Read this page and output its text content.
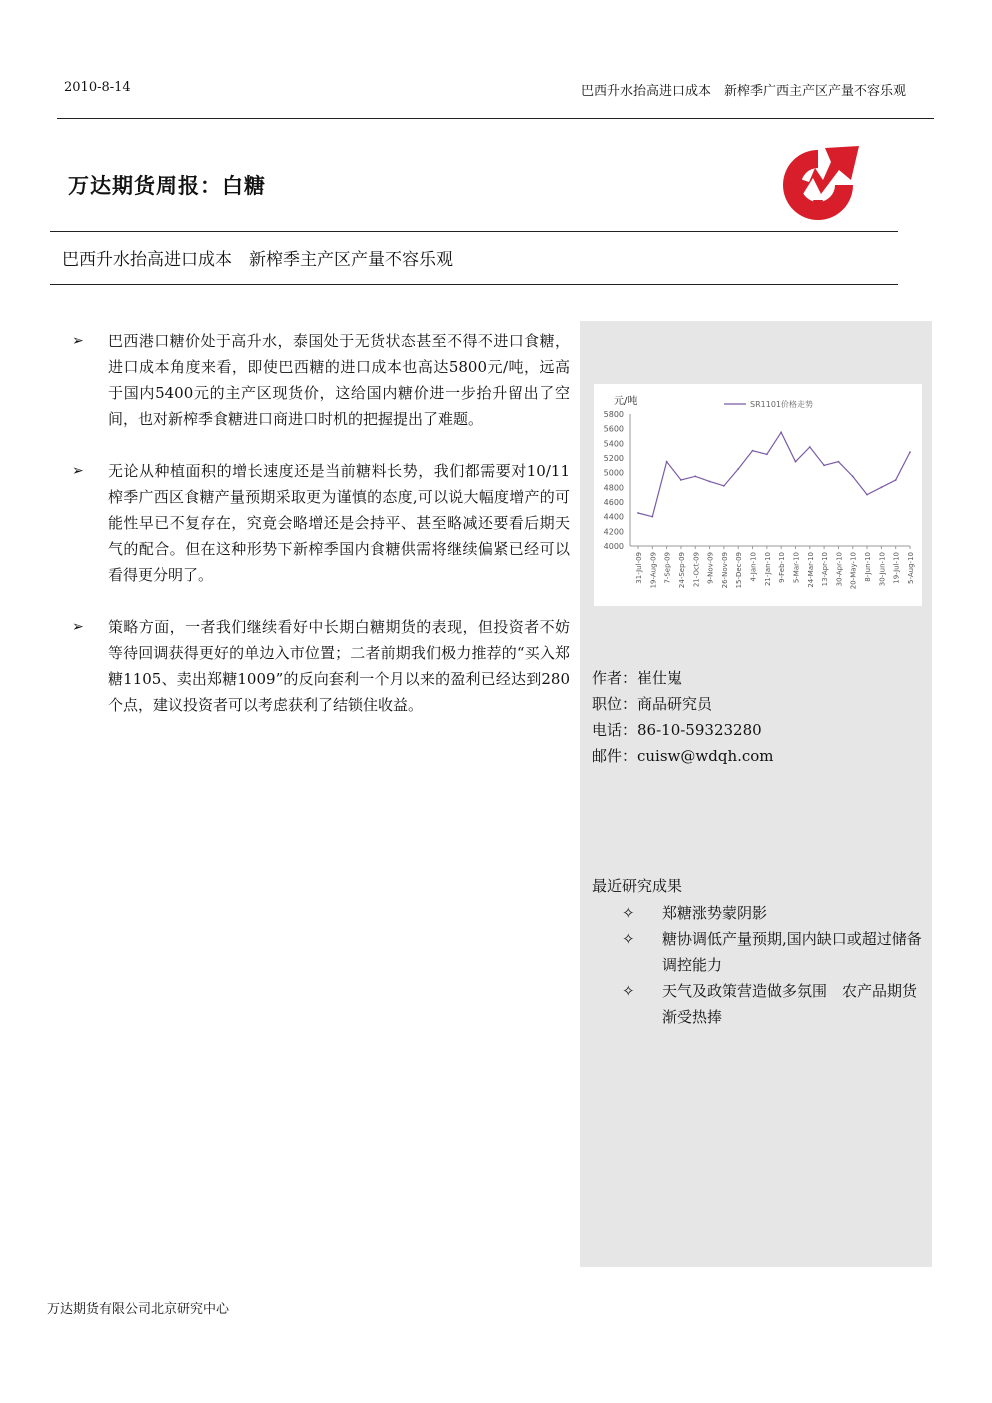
2010-8-14	巴西升水抬高进口成本　新榨季广西主产区产量不容乐观
万达期货周报：白糖
巴西升水抬高进口成本　新榨季主产区产量不容乐观
➢	巴西港口糖价处于高升水，泰国处于无货状态甚至不得不进口食糖，进口成本角度来看，即使巴西糖的进口成本也高达5800元/吨，远高于国内5400元的主产区现货价，这给国内糖价进一步抬升留出了空间，也对新榨季食糖进口商进口时机的把握提出了难题。
➢	无论从种植面积的增长速度还是当前糖料长势，我们都需要对10/11榨季广西区食糖产量预期采取更为谨慎的态度,可以说大幅度增产的可能性早已不复存在，究竟会略增还是会持平、甚至略减还要看后期天气的配合。但在这种形势下新榨季国内食糖供需将继续偏紧已经可以看得更分明了。
➢	策略方面，一者我们继续看好中长期白糖期货的表现，但投资者不妨等待回调获得更好的单边入市位置；二者前期我们极力推荐的“买入郑糖1105、卖出郑糖1009”的反向套利一个月以来的盈利已经达到280个点，建议投资者可以考虑获利了结锁住收益。
元/吨
4000
4200
4400
4600
4800
5000
5200
5400
5600
5800
31-Jul-09 19-Aug-09 7-Sep-09 24-Sep-09 21-Oct-09 9-Nov-09 26-Nov-09 15-Dec-09 4-Jan-10 21-Jan-10 9-Feb-10 5-Mar-10 24-Mar-10 13-Apr-10 30-Apr-10 20-May-10 8-Jun-10 30-Jun-10 19-Jul-10 5-Aug-10
SR1101价格走势
作者：崔仕嵬
职位：商品研究员
电话：86-10-59323280
邮件：cuisw@wdqh.com
最近研究成果
✧	郑糖涨势蒙阴影
✧	糖协调低产量预期,国内缺口或超过储备调控能力
✧	天气及政策营造做多氛围　农产品期货渐受热捧
万达期货有限公司北京研究中心
